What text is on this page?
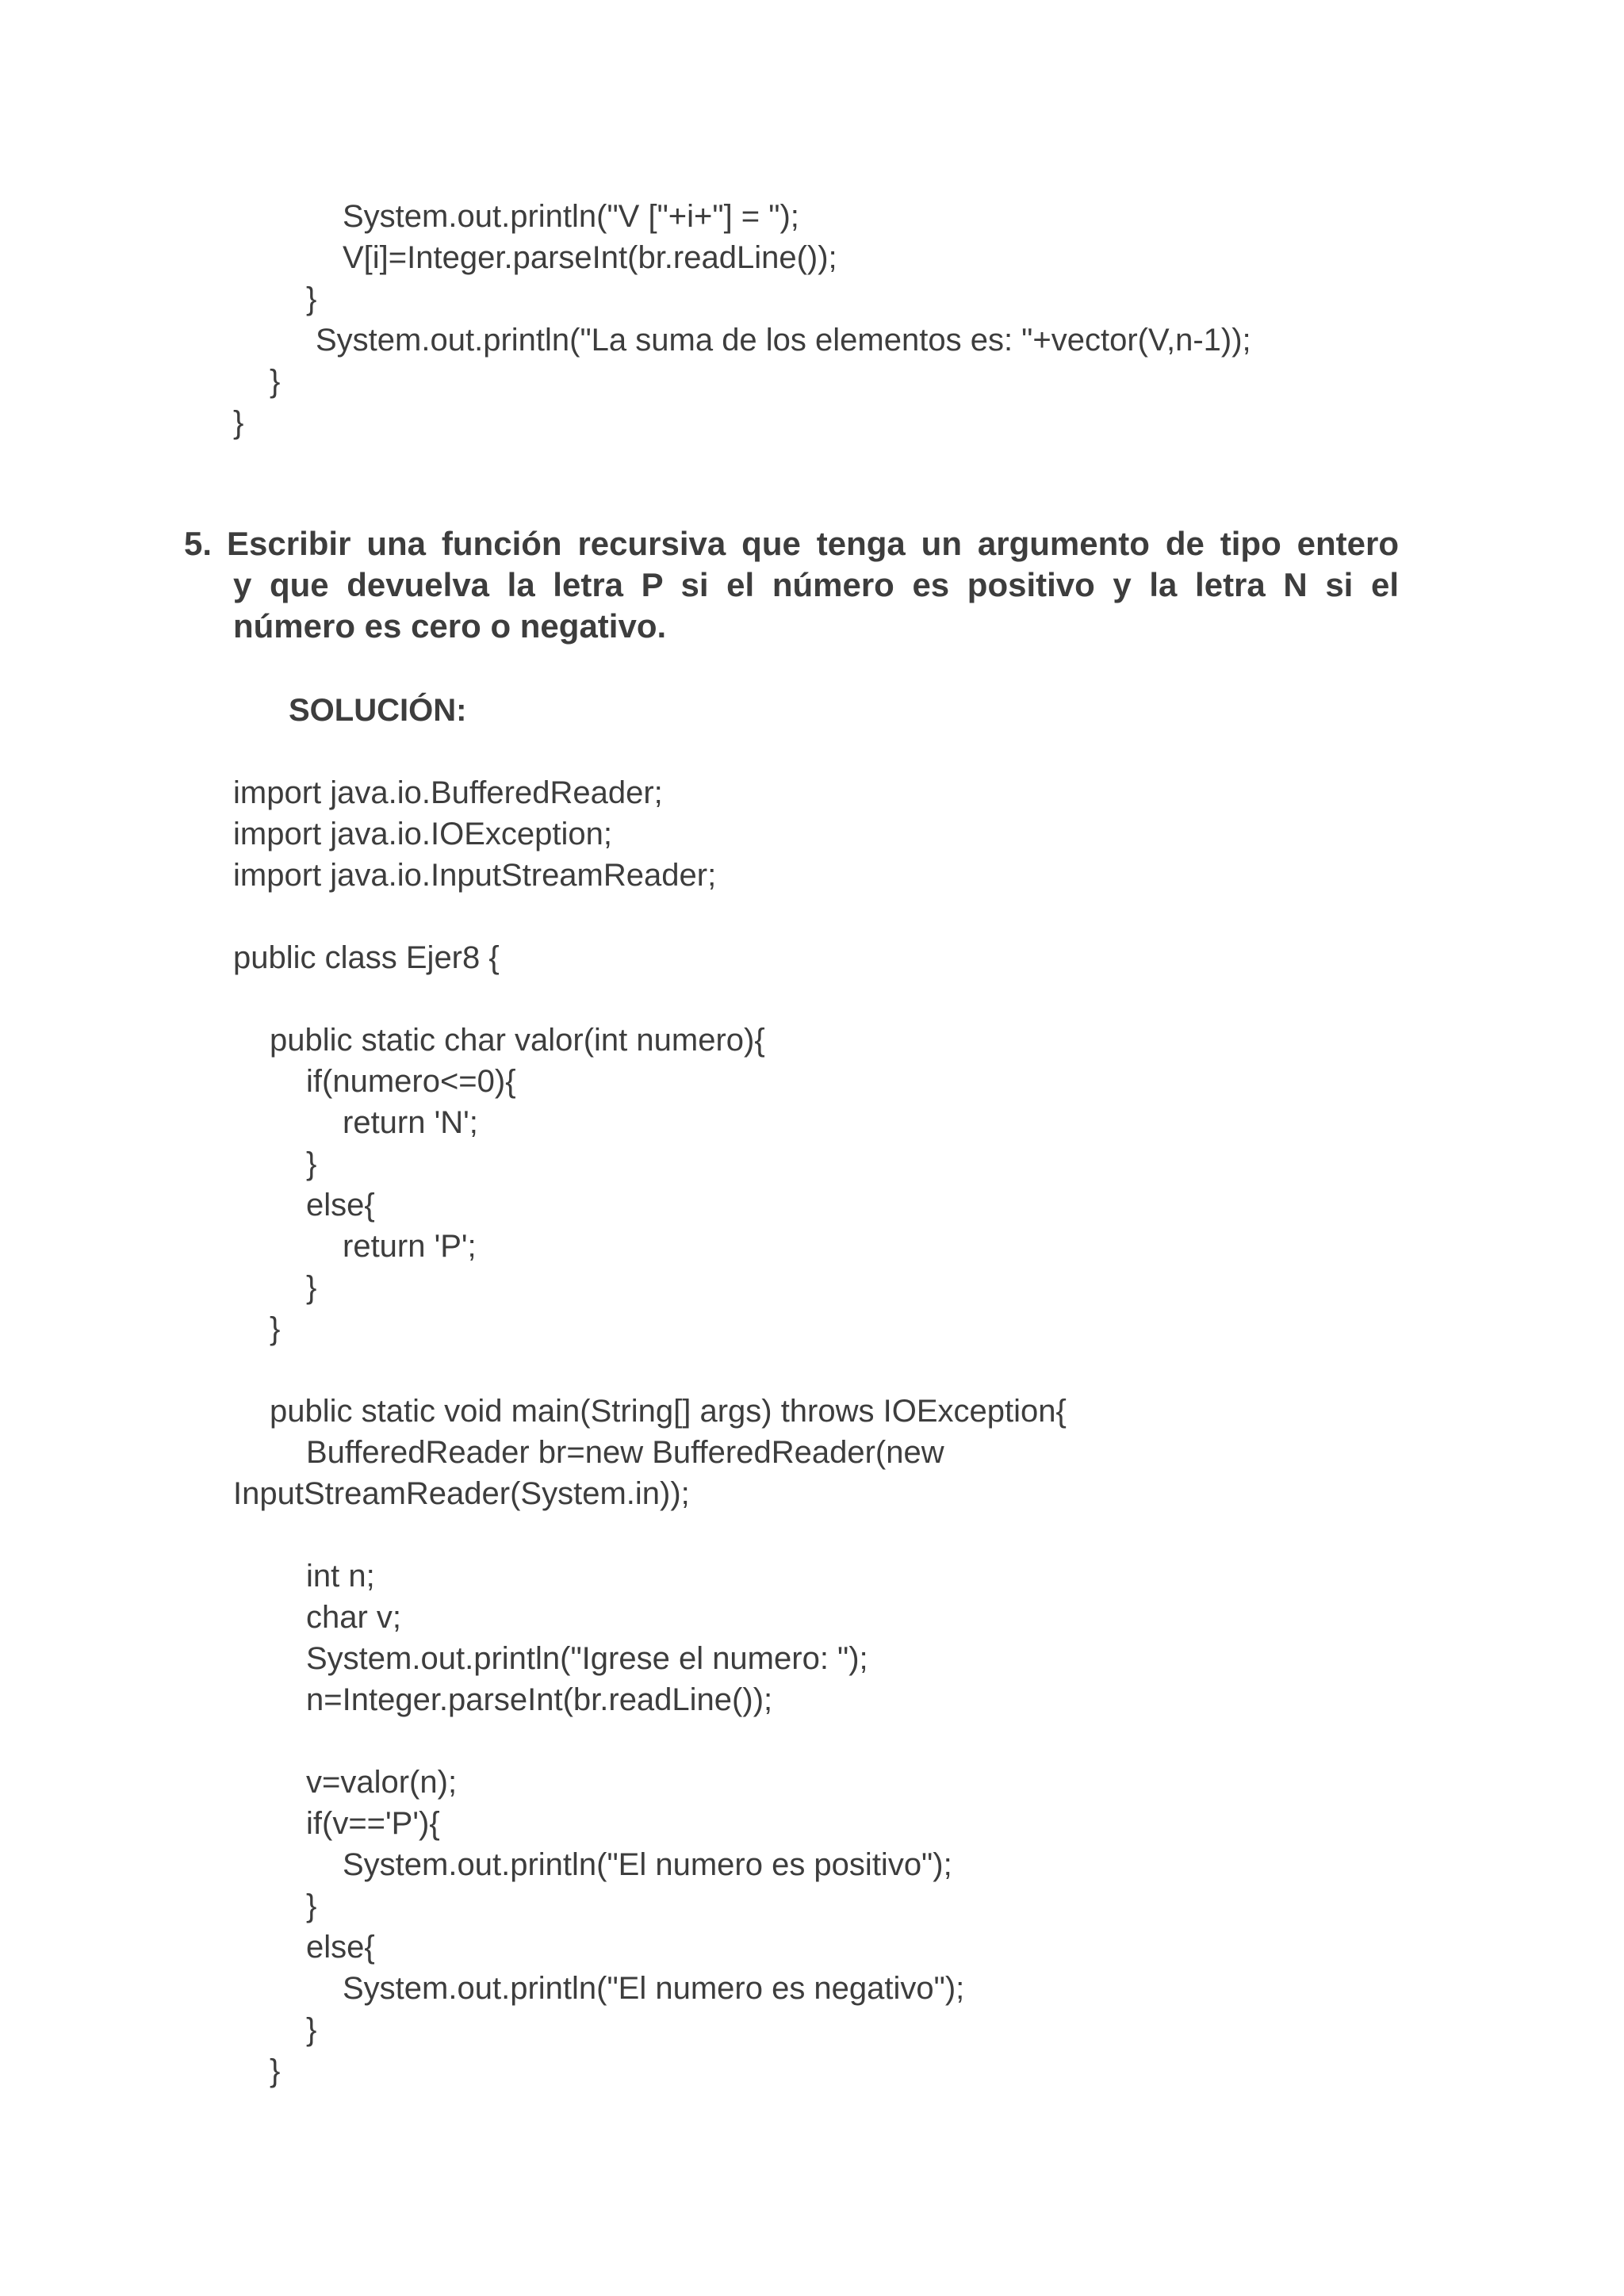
System.out.println("V ["+i+"] = ");
V[i]=Integer.parseInt(br.readLine());
}
System.out.println("La suma de los elementos es: "+vector(V,n-1));
}
}
5. Escribir una función recursiva que tenga un argumento de tipo entero
y que devuelva la letra P si el número es positivo y la letra N si el
número es cero o negativo.
SOLUCIÓN:
import java.io.BufferedReader;
import java.io.IOException;
import java.io.InputStreamReader;
public class Ejer8 {
public static char valor(int numero){
if(numero<=0){
return 'N';
}
else{
return 'P';
}
}
public static void main(String[] args) throws IOException{
BufferedReader br=new BufferedReader(new
InputStreamReader(System.in));
int n;
char v;
System.out.println("Igrese el numero: ");
n=Integer.parseInt(br.readLine());
v=valor(n);
if(v=='P'){
System.out.println("El numero es positivo");
}
else{
System.out.println("El numero es negativo");
}
}
